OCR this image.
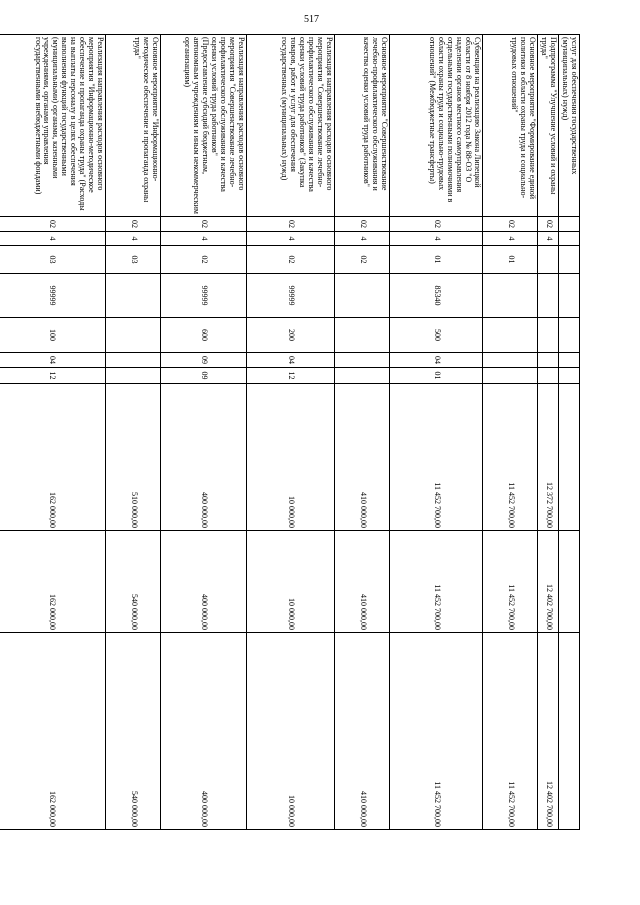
517
услуг для обеспечения государственных (муниципальных) нужд)										
Подпрограмма "Улучшение условий и охраны труда"	02	4						12 372 700,00	12 402 700,00	12 402 700,00
Основное мероприятие "Формирование единой политики в области охраны труда и социально-трудовых отношений"	02	4	01					11 452 700,00	11 452 700,00	11 452 700,00
Субвенции на реализацию Закона Липецкой области от 8 ноября 2012 года № 88-ОЗ "О наделении органов местного самоуправления отдельными государственными полномочиями в области охраны труда и социально-трудовых отношений" (Межбюджетные трансферты)	02	4	01	85340	500	04	01	11 452 700,00	11 452 700,00	11 452 700,00
Основное мероприятие "Совершенствование лечебно-профилактического обслуживания и качества оценки условий труда работников"	02	4	02					410 000,00	410 000,00	410 000,00
Реализация направления расходов основного мероприятия "Совершенствование лечебно-профилактического обслуживания и качества оценки условий труда работников" (Закупка товаров, работ и услуг для обеспечения государственных (муниципальных) нужд)	02	4	02	99999	200	04	12	10 000,00	10 000,00	10 000,00
Реализация направления расходов основного мероприятия "Совершенствование лечебно-профилактического обслуживания и качества оценки условий труда работников" (Предоставление субсидий бюджетным, автономным учреждениям и иным некоммерческим организациям)	02	4	02	99999	600	09	09	400 000,00	400 000,00	400 000,00
Основное мероприятие "Информационно-методическое обеспечение и пропаганда охраны труда"	02	4	03					510 000,00	540 000,00	540 000,00
Реализация направления расходов основного мероприятия "Информационно-методическое обеспечение и пропаганда охраны труда" (Расходы на выплаты персоналу в целях обеспечения выполнения функций государственными (муниципальными) органами, казенными учреждениями, органами управления государственными внебюджетными фондами)	02	4	03	99999	100	04	12	162 000,00	162 000,00	162 000,00
